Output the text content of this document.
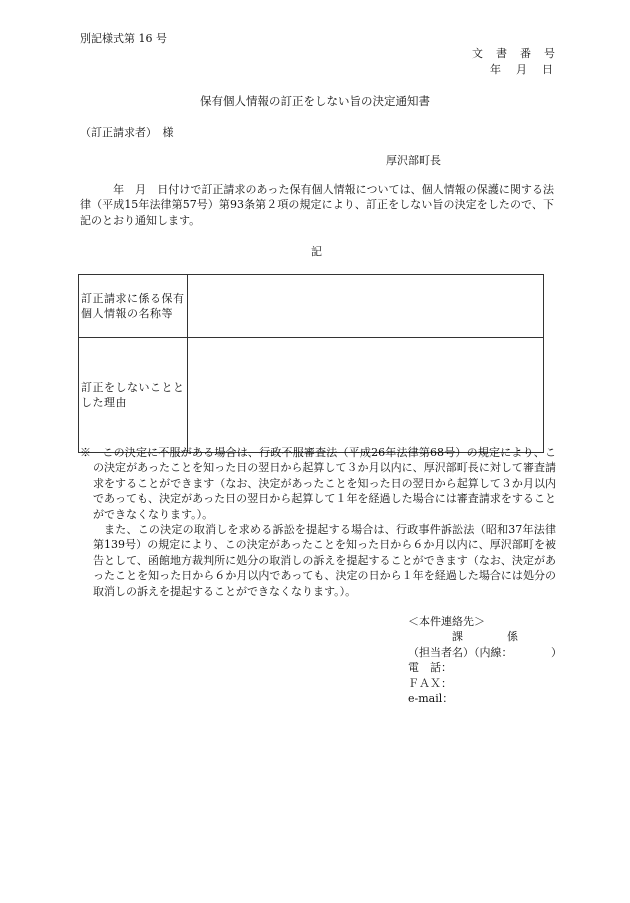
別記様式第 16 号
文　書　番　号
年　月　日
保有個人情報の訂正をしない旨の決定通知書
（訂正請求者）　様
厚沢部町長
　　　年　月　日付けで訂正請求のあった保有個人情報については、個人情報の保護に関する法律（平成15年法律第57号）第93条第２項の規定により、訂正をしない旨の決定をしたので、下記のとおり通知します。
記
訂正請求に係る保有個人情報の名称等	
訂正をしないこととした理由	
※　この決定に不服がある場合は、行政不服審査法（平成26年法律第68号）の規定により、この決定があったことを知った日の翌日から起算して３か月以内に、厚沢部町長に対して審査請求をすることができます（なお、決定があったことを知った日の翌日から起算して３か月以内であっても、決定があった日の翌日から起算して１年を経過した場合には審査請求をすることができなくなります。）。
また、この決定の取消しを求める訴訟を提起する場合は、行政事件訴訟法（昭和37年法律第139号）の規定により、この決定があったことを知った日から６か月以内に、厚沢部町を被告として、函館地方裁判所に処分の取消しの訴えを提起することができます（なお、決定があったことを知った日から６か月以内であっても、決定の日から１年を経過した場合には処分の取消しの訴えを提起することができなくなります。）。
＜本件連絡先＞
　　　　課　　　　係
（担当者名）（内線：　　　　）
電　話：
ＦＡＸ：
e-mail：
